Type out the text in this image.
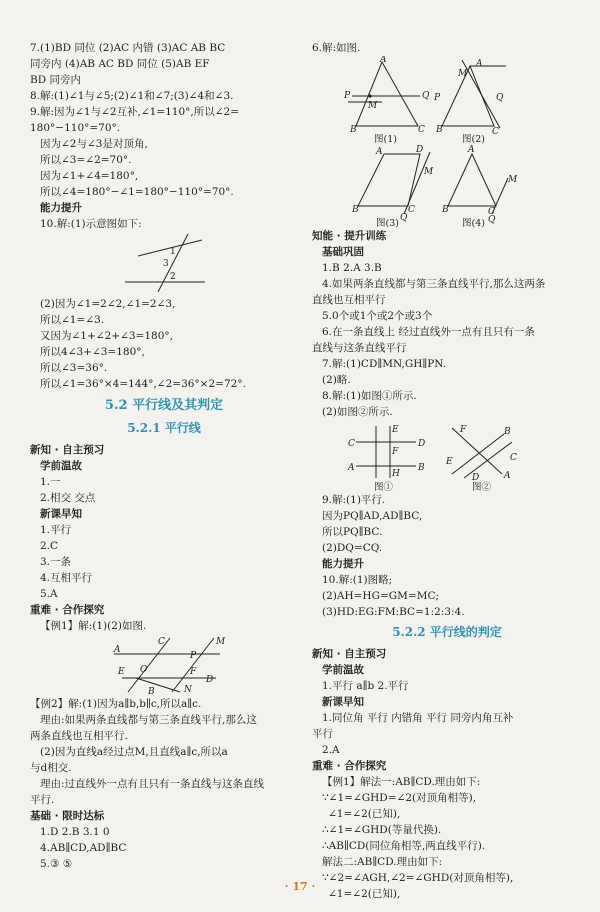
7.(1)BD 同位 (2)AC 内错 (3)AC AB BC
同旁内 (4)AB AC BD 同位 (5)AB EF
BD 同旁内
8.解:(1)∠1与∠5;(2)∠1和∠7;(3)∠4和∠3.
9.解:因为∠1与∠2互补,∠1=110°,所以∠2=
180°−110°=70°.
因为∠2与∠3是对顶角,
所以∠3=∠2=70°.
因为∠1+∠4=180°,
所以∠4=180°−∠1=180°−110°=70°.
能力提升
10.解:(1)示意图如下:
1
3
2
(2)因为∠1=2∠2,∠1=2∠3,
所以∠1=∠3.
又因为∠1+∠2+∠3=180°,
所以4∠3+∠3=180°,
所以∠3=36°.
所以∠1=36°×4=144°,∠2=36°×2=72°.
5.2 平行线及其判定
5.2.1 平行线
新知 · 自主预习
学前温故
1.一
2.相交 交点
新课早知
1.平行
2.C
3.一条
4.互相平行
5.A
重难 · 合作探究
【例1】解:(1)(2)如图.
A
C	M
E O	F
B	N
D
P
【例2】解:(1)因为a∥b,b∥c,所以a∥c.
理由:如果两条直线都与第三条直线平行,那么这
两条直线也互相平行.
(2)因为直线a经过点M,且直线a∥c,所以a
与d相交.
理由:过直线外一点有且只有一条直线与这条直线
平行.
基础 · 限时达标
1.D 2.B 3.1 0
4.AB∥CD,AD∥BC
5.③ ⑤
6.解:如图.
A
P	Q
M
B	C
图(1)
A
M
P	Q
B	C
图(2)
A	D
M
B	C
Q
图(3)
A
M
B	C
Q
图(4)
知能 · 提升训练
基础巩固
1.B 2.A 3.B
4.如果两条直线都与第三条直线平行,那么这两条
直线也互相平行
5.0个或1个或2个或3个
6.在一条直线上 经过直线外一点有且只有一条
直线与这条直线平行
7.解:(1)CD∥MN,GH∥PN.
(2)略.
8.解:(1)如图①所示.
(2)如图②所示.
C	D
A	B
E
F
H
图①
F	B
E	C
D	A
图②
9.解:(1)平行.
因为PQ∥AD,AD∥BC,
所以PQ∥BC.
(2)DQ=CQ.
能力提升
10.解:(1)图略;
(2)AH=HG=GM=MC;
(3)HD:EG:FM:BC=1:2:3:4.
5.2.2 平行线的判定
新知 · 自主预习
学前温故
1.平行 a∥b 2.平行
新课早知
1.同位角 平行 内错角 平行 同旁内角互补
平行
2.A
重难 · 合作探究
【例1】解法一:AB∥CD.理由如下:
∵∠1=∠GHD=∠2(对顶角相等),
∠1=∠2(已知),
∴∠1=∠GHD(等量代换).
∴AB∥CD(同位角相等,两直线平行).
解法二:AB∥CD.理由如下:
∵∠2=∠AGH,∠2=∠GHD(对顶角相等),
∠1=∠2(已知),
· 17 ·
